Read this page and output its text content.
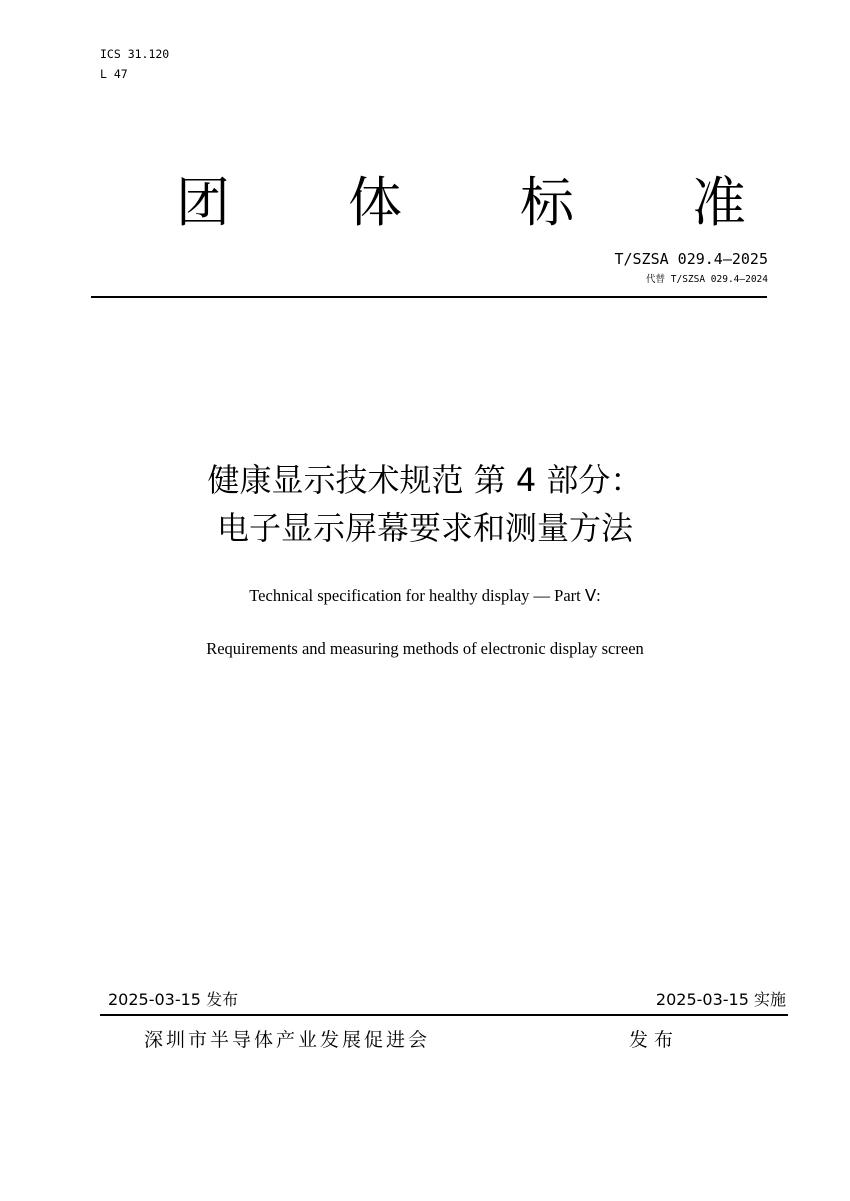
ICS 31.120
L 47
团 体 标 准
T/SZSA 029.4—2025
代替 T/SZSA 029.4—2024
健康显示技术规范 第 4 部分：
电子显示屏幕要求和测量方法
Technical specification for healthy display — Part Ⅴ:
Requirements and measuring methods of electronic display screen
2025-03-15 发布	2025-03-15 实施
深圳市半导体产业发展促进会	发布
